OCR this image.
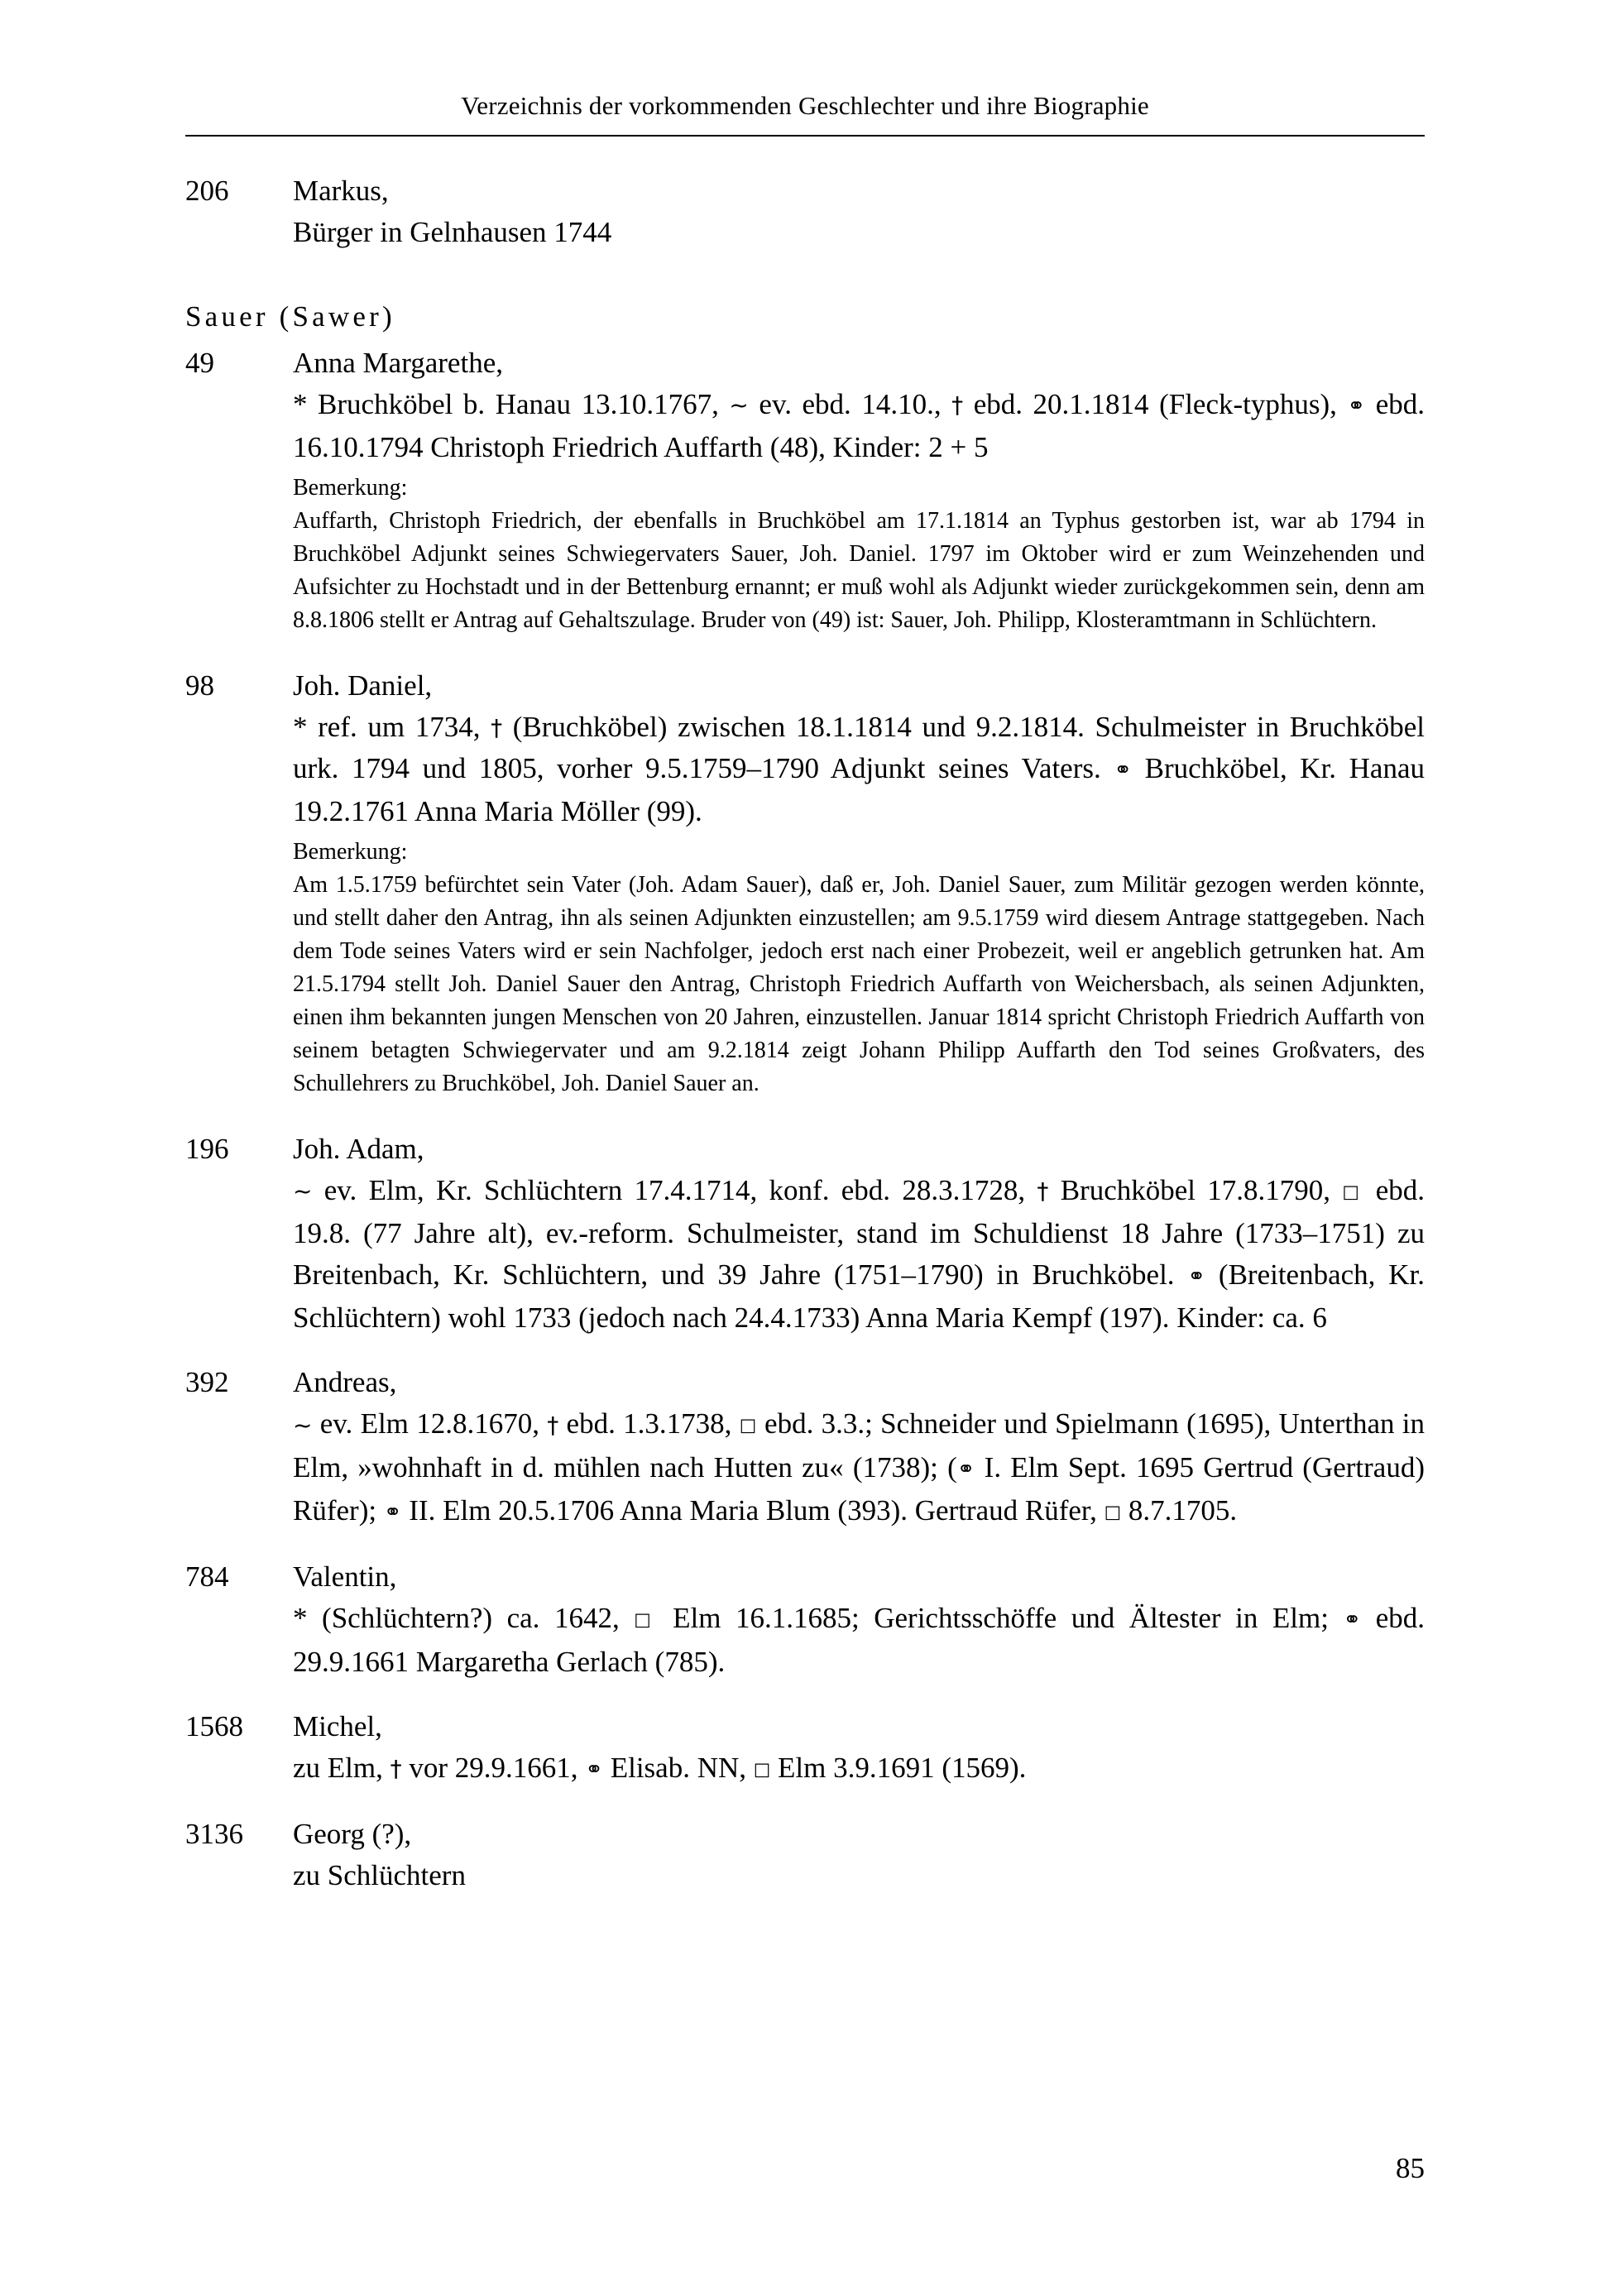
Verzeichnis der vorkommenden Geschlechter und ihre Biographie
206	Markus,
Bürger in Gelnhausen 1744
Sauer (Sawer)
49	Anna Margarethe,
* Bruchköbel b. Hanau 13.10.1767, ~ ev. ebd. 14.10., † ebd. 20.1.1814 (Fleck-typhus), ⚭ ebd. 16.10.1794 Christoph Friedrich Auffarth (48), Kinder: 2 + 5
Bemerkung:
Auffarth, Christoph Friedrich, der ebenfalls in Bruchköbel am 17.1.1814 an Typhus gestorben ist, war ab 1794 in Bruchköbel Adjunkt seines Schwiegervaters Sauer, Joh. Daniel. 1797 im Oktober wird er zum Weinzehenden und Aufsichter zu Hochstadt und in der Bettenburg ernannt; er muß wohl als Adjunkt wieder zurückgekommen sein, denn am 8.8.1806 stellt er Antrag auf Gehaltszulage. Bruder von (49) ist: Sauer, Joh. Philipp, Klosteramtmann in Schlüchtern.
98	Joh. Daniel,
* ref. um 1734, † (Bruchköbel) zwischen 18.1.1814 und 9.2.1814. Schulmeister in Bruchköbel urk. 1794 und 1805, vorher 9.5.1759–1790 Adjunkt seines Vaters. ⚭ Bruchköbel, Kr. Hanau 19.2.1761 Anna Maria Möller (99).
Bemerkung:
Am 1.5.1759 befürchtet sein Vater (Joh. Adam Sauer), daß er, Joh. Daniel Sauer, zum Militär gezogen werden könnte, und stellt daher den Antrag, ihn als seinen Adjunkten einzustellen; am 9.5.1759 wird diesem Antrage stattgegeben. Nach dem Tode seines Vaters wird er sein Nachfolger, jedoch erst nach einer Probezeit, weil er angeblich getrunken hat. Am 21.5.1794 stellt Joh. Daniel Sauer den Antrag, Christoph Friedrich Auffarth von Weichersbach, als seinen Adjunkten, einen ihm bekannten jungen Menschen von 20 Jahren, einzustellen. Januar 1814 spricht Christoph Friedrich Auffarth von seinem betagten Schwiegervater und am 9.2.1814 zeigt Johann Philipp Auffarth den Tod seines Großvaters, des Schullehrers zu Bruchköbel, Joh. Daniel Sauer an.
196	Joh. Adam,
~ ev. Elm, Kr. Schlüchtern 17.4.1714, konf. ebd. 28.3.1728, † Bruchköbel 17.8.1790, □ ebd. 19.8. (77 Jahre alt), ev.-reform. Schulmeister, stand im Schuldienst 18 Jahre (1733–1751) zu Breitenbach, Kr. Schlüchtern, und 39 Jahre (1751–1790) in Bruchköbel. ⚭ (Breitenbach, Kr. Schlüchtern) wohl 1733 (jedoch nach 24.4.1733) Anna Maria Kempf (197). Kinder: ca. 6
392	Andreas,
~ ev. Elm 12.8.1670, † ebd. 1.3.1738, □ ebd. 3.3.; Schneider und Spielmann (1695), Unterthan in Elm, »wohnhaft in d. mühlen nach Hutten zu« (1738); (⚭ I. Elm Sept. 1695 Gertrud (Gertraud) Rüfer); ⚭ II. Elm 20.5.1706 Anna Maria Blum (393). Gertraud Rüfer, □ 8.7.1705.
784	Valentin,
* (Schlüchtern?) ca. 1642, □ Elm 16.1.1685; Gerichtsschöffe und Ältester in Elm; ⚭ ebd. 29.9.1661 Margaretha Gerlach (785).
1568	Michel,
zu Elm, † vor 29.9.1661, ⚭ Elisab. NN, □ Elm 3.9.1691 (1569).
3136	Georg (?),
zu Schlüchtern
85
